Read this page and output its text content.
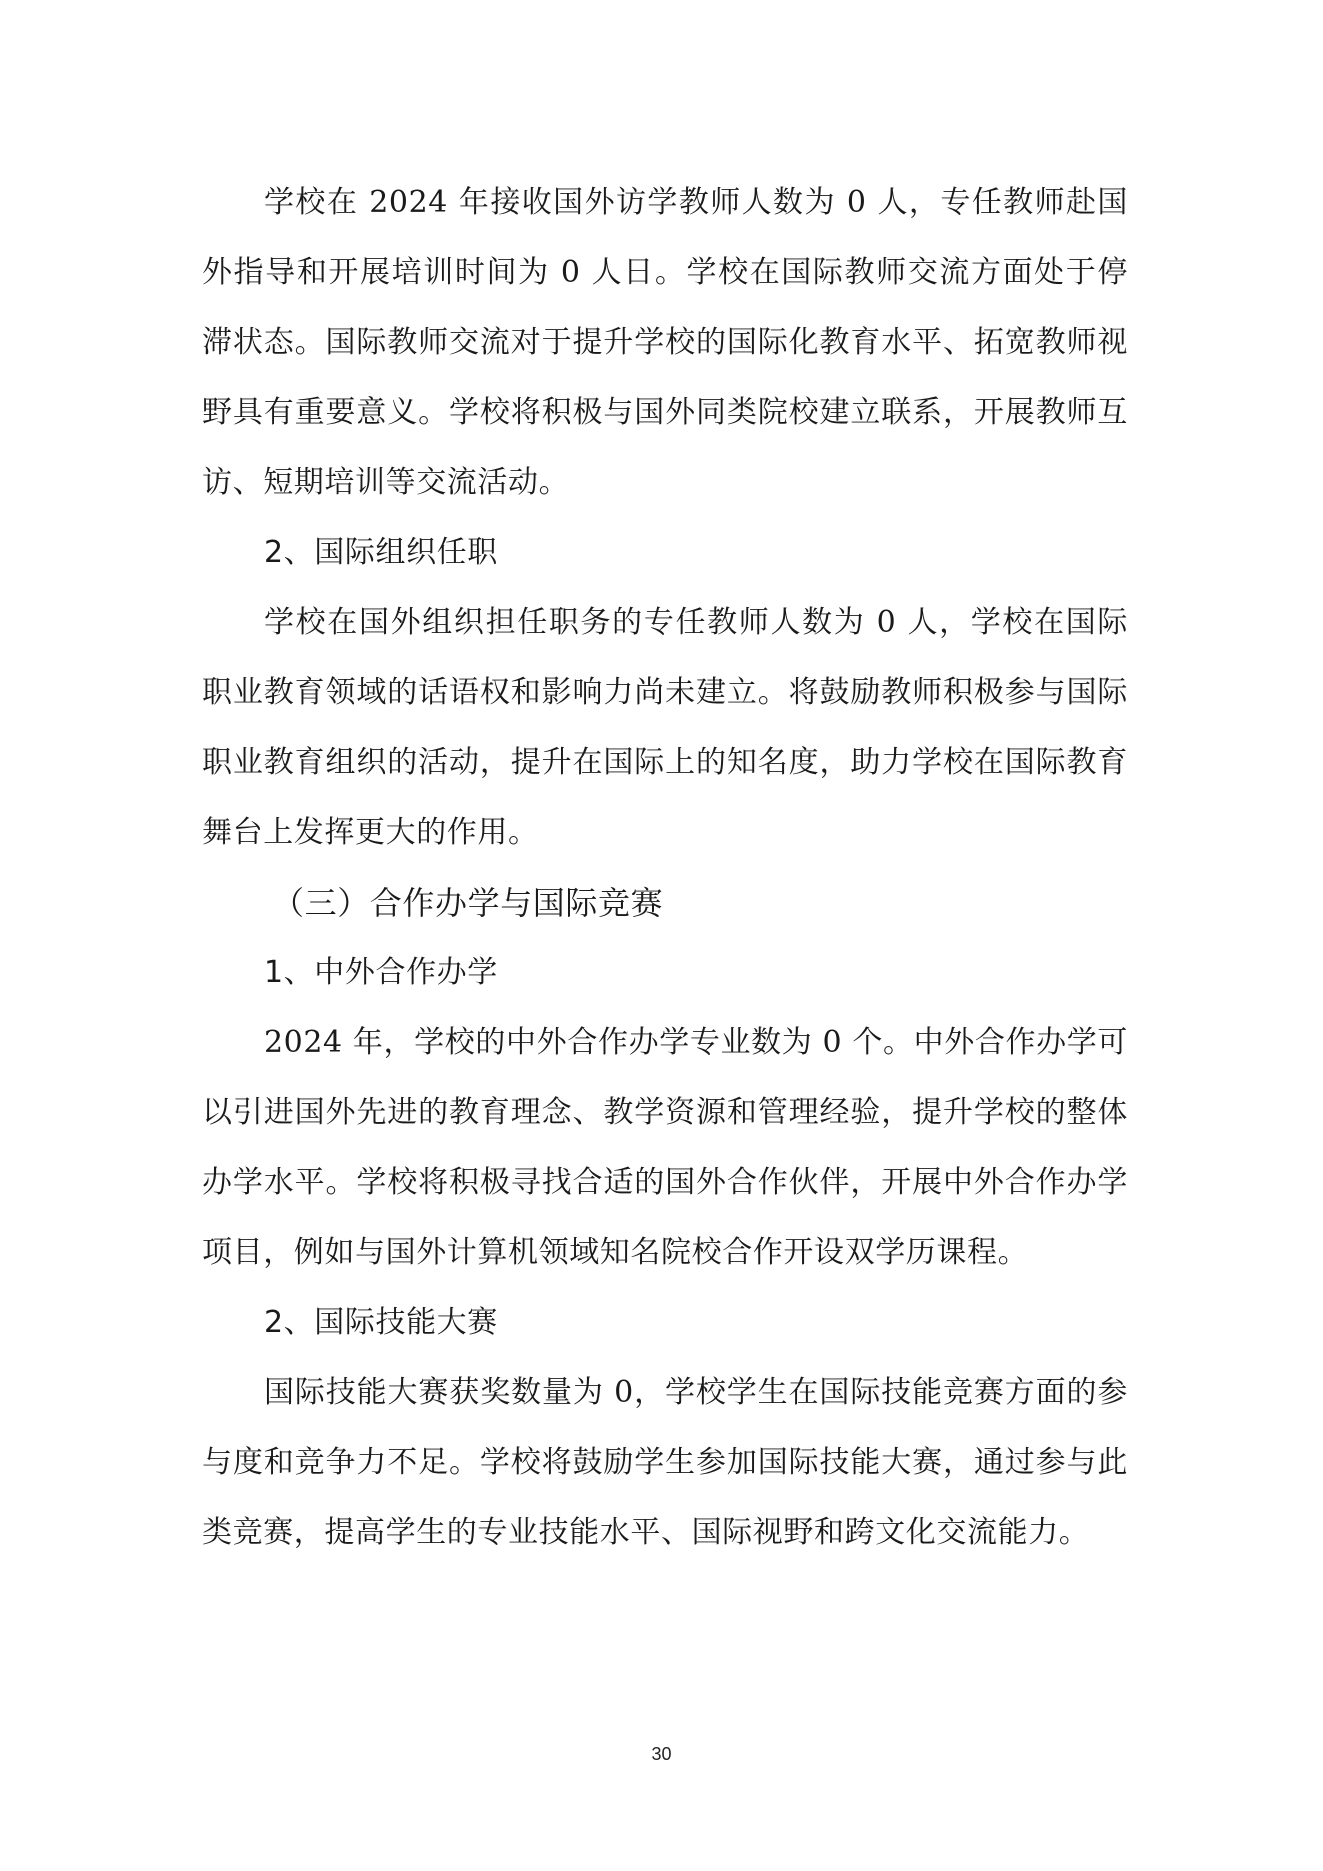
学校在 2024 年接收国外访学教师人数为 0 人，专任教师赴国外指导和开展培训时间为 0 人日。学校在国际教师交流方面处于停滞状态。国际教师交流对于提升学校的国际化教育水平、拓宽教师视野具有重要意义。学校将积极与国外同类院校建立联系，开展教师互访、短期培训等交流活动。

2、国际组织任职

学校在国外组织担任职务的专任教师人数为 0 人，学校在国际职业教育领域的话语权和影响力尚未建立。将鼓励教师积极参与国际职业教育组织的活动，提升在国际上的知名度，助力学校在国际教育舞台上发挥更大的作用。

（三）合作办学与国际竞赛

1、中外合作办学

2024 年，学校的中外合作办学专业数为 0 个。中外合作办学可以引进国外先进的教育理念、教学资源和管理经验，提升学校的整体办学水平。学校将积极寻找合适的国外合作伙伴，开展中外合作办学项目，例如与国外计算机领域知名院校合作开设双学历课程。

2、国际技能大赛

国际技能大赛获奖数量为 0，学校学生在国际技能竞赛方面的参与度和竞争力不足。学校将鼓励学生参加国际技能大赛，通过参与此类竞赛，提高学生的专业技能水平、国际视野和跨文化交流能力。

30
